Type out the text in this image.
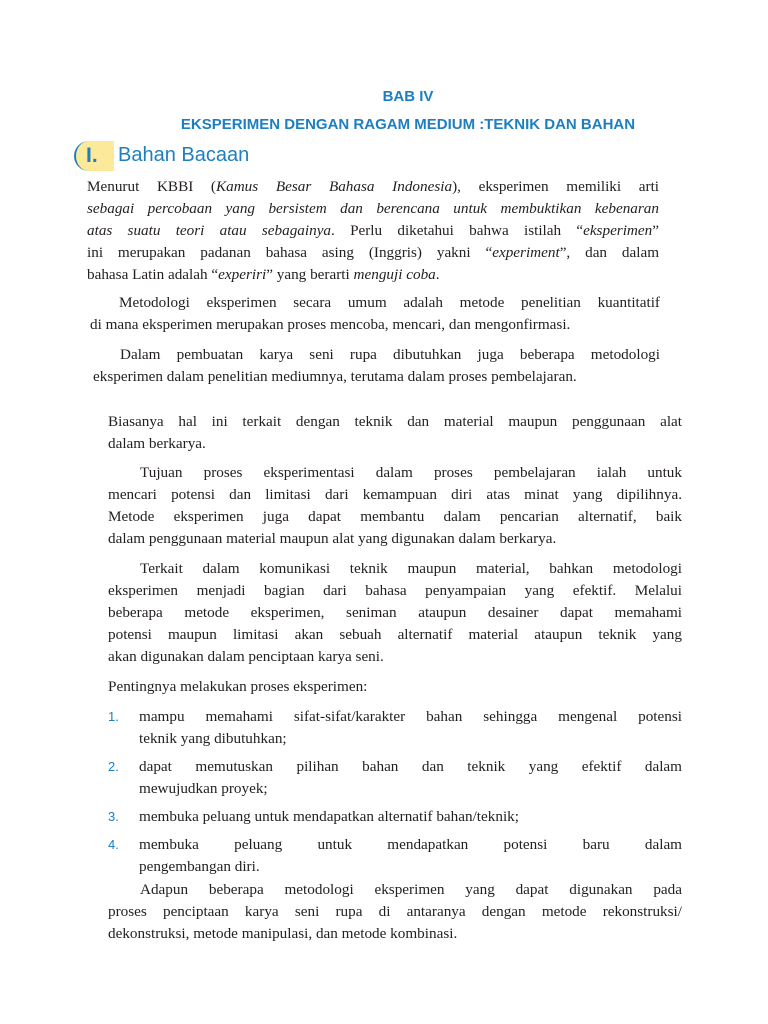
BAB IV
EKSPERIMEN DENGAN RAGAM MEDIUM :TEKNIK DAN BAHAN
I.	Bahan Bacaan
Menurut KBBI (Kamus Besar Bahasa Indonesia), eksperimen memiliki arti
sebagai percobaan yang bersistem dan berencana untuk membuktikan kebenaran
atas suatu teori atau sebagainya. Perlu diketahui bahwa istilah “eksperimen”
ini merupakan padanan bahasa asing (Inggris) yakni “experiment”, dan dalam
bahasa Latin adalah “experiri” yang berarti menguji coba.
Metodologi eksperimen secara umum adalah metode penelitian kuantitatif
di mana eksperimen merupakan proses mencoba, mencari, dan mengonfirmasi.
Dalam pembuatan karya seni rupa dibutuhkan juga beberapa metodologi
eksperimen dalam penelitian mediumnya, terutama dalam proses pembelajaran.
Biasanya hal ini terkait dengan teknik dan material maupun penggunaan alat
dalam berkarya.
Tujuan proses eksperimentasi dalam proses pembelajaran ialah untuk
mencari potensi dan limitasi dari kemampuan diri atas minat yang dipilihnya.
Metode eksperimen juga dapat membantu dalam pencarian alternatif, baik
dalam penggunaan material maupun alat yang digunakan dalam berkarya.
Terkait dalam komunikasi teknik maupun material, bahkan metodologi
eksperimen menjadi bagian dari bahasa penyampaian yang efektif. Melalui
beberapa metode eksperimen, seniman ataupun desainer dapat memahami
potensi maupun limitasi akan sebuah alternatif material ataupun teknik yang
akan digunakan dalam penciptaan karya seni.
Pentingnya melakukan proses eksperimen:
1. mampu memahami sifat-sifat/karakter bahan sehingga mengenal potensi
teknik yang dibutuhkan;
2. dapat memutuskan pilihan bahan dan teknik yang efektif dalam
mewujudkan proyek;
3. membuka peluang untuk mendapatkan alternatif bahan/teknik;
4. membuka peluang untuk mendapatkan potensi baru dalam
pengembangan diri.
Adapun beberapa metodologi eksperimen yang dapat digunakan pada
proses penciptaan karya seni rupa di antaranya dengan metode rekonstruksi/
dekonstruksi, metode manipulasi, dan metode kombinasi.
